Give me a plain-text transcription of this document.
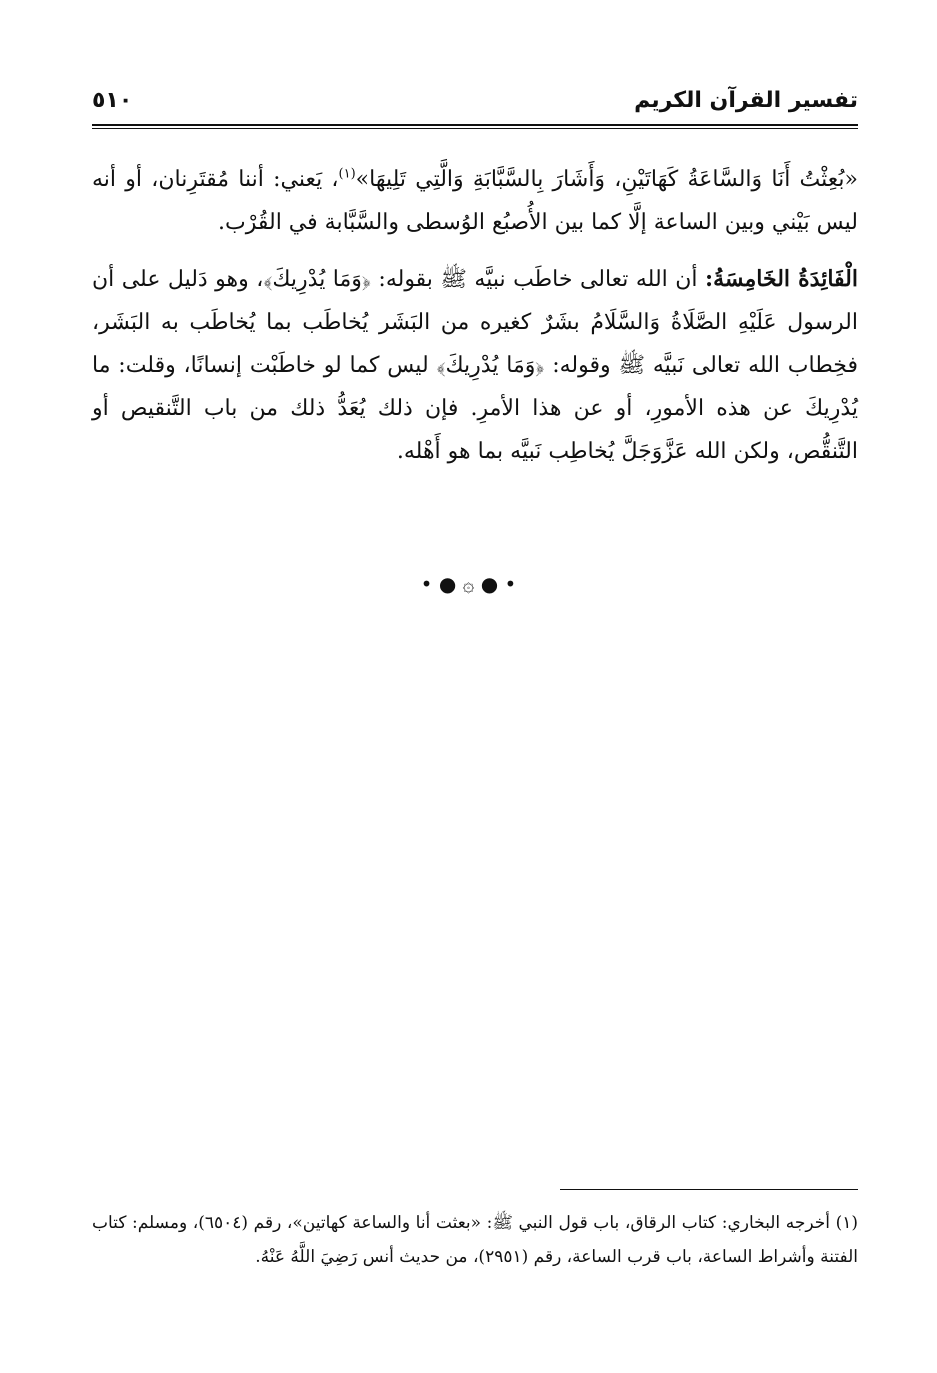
تفسير القرآن الكريم
٥١٠

«بُعِثْتُ أَنَا وَالسَّاعَةُ كَهَاتَيْنِ، وَأَشَارَ بِالسَّبَّابَةِ وَالَّتِي تَلِيهَا»$^{(١)}$، يَعني: أننا مُقتَرِنان، أو أنه ليس بَيْني وبين الساعة إلَّا كما بين الأُصبُع الوُسطى والسَّبَّابة في القُرْب.

الْفَائِدَةُ الخَامِسَةُ: أن الله تعالى خاطَب نبيَّه ﷺ بقوله: ﴿وَمَا يُدْرِيكَ﴾، وهو دَليل على أن الرسول عَلَيْهِ الصَّلَاةُ وَالسَّلَامُ بشَرٌ كغيره من البَشَر يُخاطَب بما يُخاطَب به البَشَر، فخِطاب الله تعالى نَبيَّه ﷺ وقوله: ﴿وَمَا يُدْرِيكَ﴾ ليس كما لو خاطَبْت إنسانًا، وقلت: ما يُدْرِيكَ عن هذه الأمورِ، أو عن هذا الأمرِ. فإن ذلك يُعَدُّ ذلك من باب التَّنقيص أو التَّنقُّص، ولكن الله عَزَّوَجَلَّ يُخاطِب نَبيَّه بما هو أَهْله.

• ● ۞ ● •

(١) أخرجه البخاري: كتاب الرقاق، باب قول النبي ﷺ: «بعثت أنا والساعة كهاتين»، رقم (٦٥٠٤)، ومسلم: كتاب الفتنة وأشراط الساعة، باب قرب الساعة، رقم (٢٩٥١)، من حديث أنس رَضِيَ اللَّهُ عَنْهُ.
